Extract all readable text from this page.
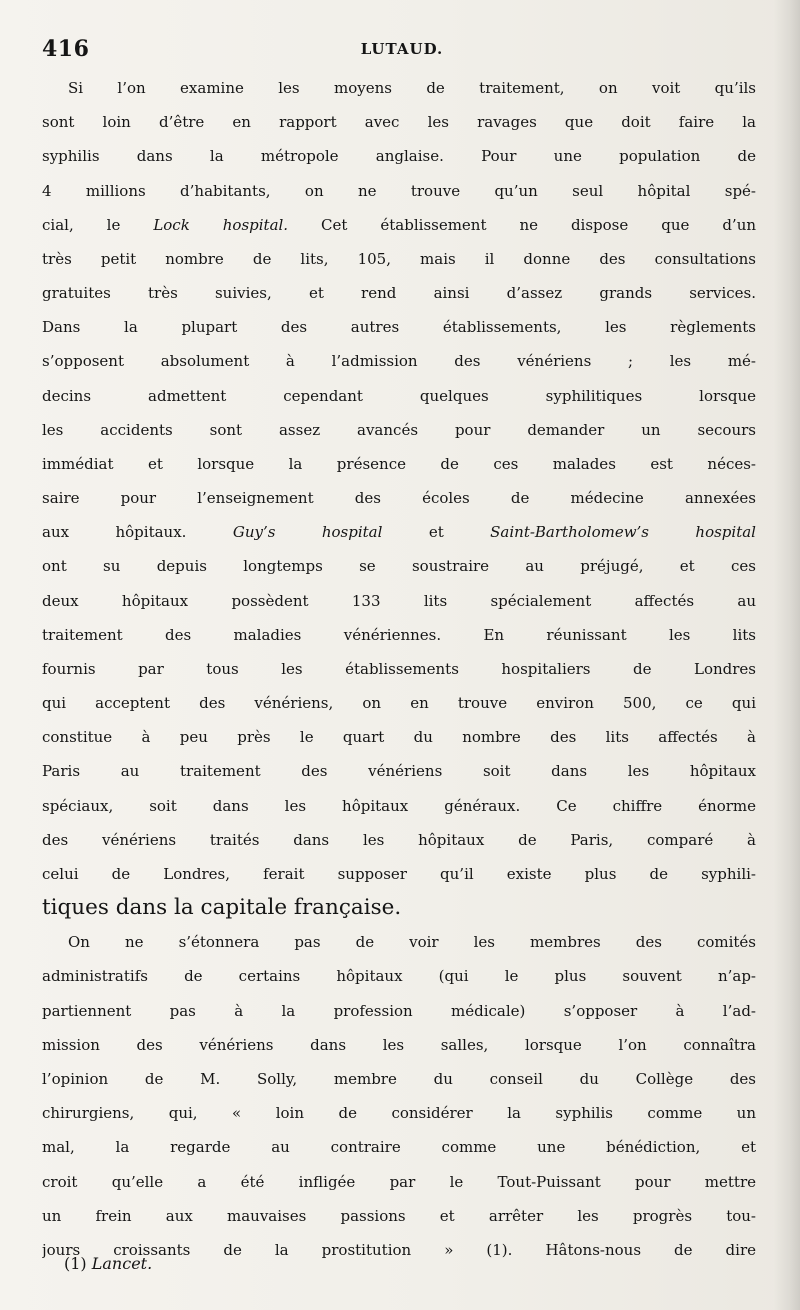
416	LUTAUD.
Si l’on examine les moyens de traitement, on voit qu’ils
sont loin d’être en rapport avec les ravages que doit faire la
syphilis dans la métropole anglaise. Pour une population de
4 millions d’habitants, on ne trouve qu’un seul hôpital spé-
cial, le Lock hospital. Cet établissement ne dispose que d’un
très petit nombre de lits, 105, mais il donne des consultations
gratuites très suivies, et rend ainsi d’assez grands services.
Dans la plupart des autres établissements, les règlements
s’opposent absolument à l’admission des vénériens ; les mé-
decins admettent cependant quelques syphilitiques lorsque
les accidents sont assez avancés pour demander un secours
immédiat et lorsque la présence de ces malades est néces-
saire pour l’enseignement des écoles de médecine annexées
aux hôpitaux. Guy’s hospital et Saint-Bartholomew’s hospital
ont su depuis longtemps se soustraire au préjugé, et ces
deux hôpitaux possèdent 133 lits spécialement affectés au
traitement des maladies vénériennes. En réunissant les lits
fournis par tous les établissements hospitaliers de Londres
qui acceptent des vénériens, on en trouve environ 500, ce qui
constitue à peu près le quart du nombre des lits affectés à
Paris au traitement des vénériens soit dans les hôpitaux
spéciaux, soit dans les hôpitaux généraux. Ce chiffre énorme
des vénériens traités dans les hôpitaux de Paris, comparé à
celui de Londres, ferait supposer qu’il existe plus de syphili-
tiques dans la capitale française.
On ne s’étonnera pas de voir les membres des comités
administratifs de certains hôpitaux (qui le plus souvent n’ap-
partiennent pas à la profession médicale) s’opposer à l’ad-
mission des vénériens dans les salles, lorsque l’on connaîtra
l’opinion de M. Solly, membre du conseil du Collège des
chirurgiens, qui, « loin de considérer la syphilis comme un
mal, la regarde au contraire comme une bénédiction, et
croit qu’elle a été infligée par le Tout-Puissant pour mettre
un frein aux mauvaises passions et arrêter les progrès tou-
jours croissants de la prostitution » (1). Hâtons-nous de dire
(1) Lancet.
